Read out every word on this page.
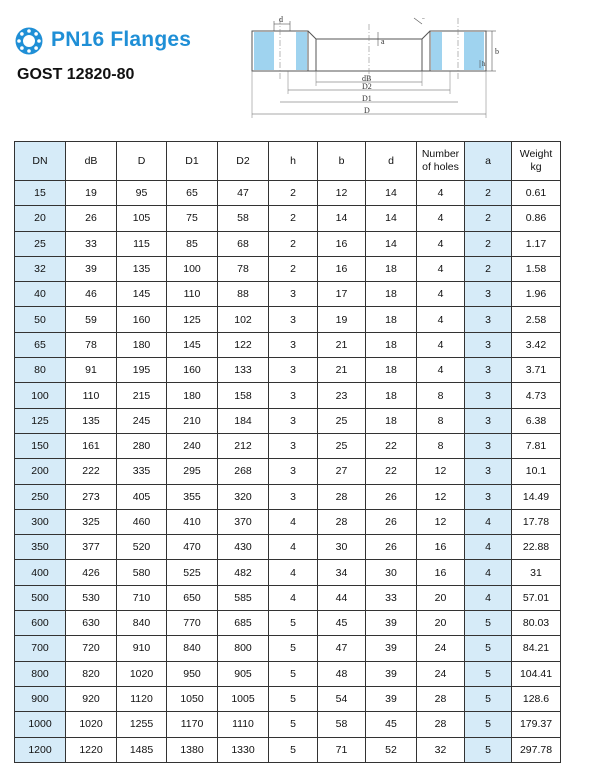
PN16 Flanges
GOST 12820-80
d
a
b
h
dB
D2
D1
D
~
DN	dB	D	D1	D2	h	b	d	Number
of holes	a	Weight
kg
15	19	95	65	47	2	12	14	4	2	0.61
20	26	105	75	58	2	14	14	4	2	0.86
25	33	115	85	68	2	16	14	4	2	1.17
32	39	135	100	78	2	16	18	4	2	1.58
40	46	145	110	88	3	17	18	4	3	1.96
50	59	160	125	102	3	19	18	4	3	2.58
65	78	180	145	122	3	21	18	4	3	3.42
80	91	195	160	133	3	21	18	4	3	3.71
100	110	215	180	158	3	23	18	8	3	4.73
125	135	245	210	184	3	25	18	8	3	6.38
150	161	280	240	212	3	25	22	8	3	7.81
200	222	335	295	268	3	27	22	12	3	10.1
250	273	405	355	320	3	28	26	12	3	14.49
300	325	460	410	370	4	28	26	12	4	17.78
350	377	520	470	430	4	30	26	16	4	22.88
400	426	580	525	482	4	34	30	16	4	31
500	530	710	650	585	4	44	33	20	4	57.01
600	630	840	770	685	5	45	39	20	5	80.03
700	720	910	840	800	5	47	39	24	5	84.21
800	820	1020	950	905	5	48	39	24	5	104.41
900	920	1120	1050	1005	5	54	39	28	5	128.6
1000	1020	1255	1170	1110	5	58	45	28	5	179.37
1200	1220	1485	1380	1330	5	71	52	32	5	297.78
